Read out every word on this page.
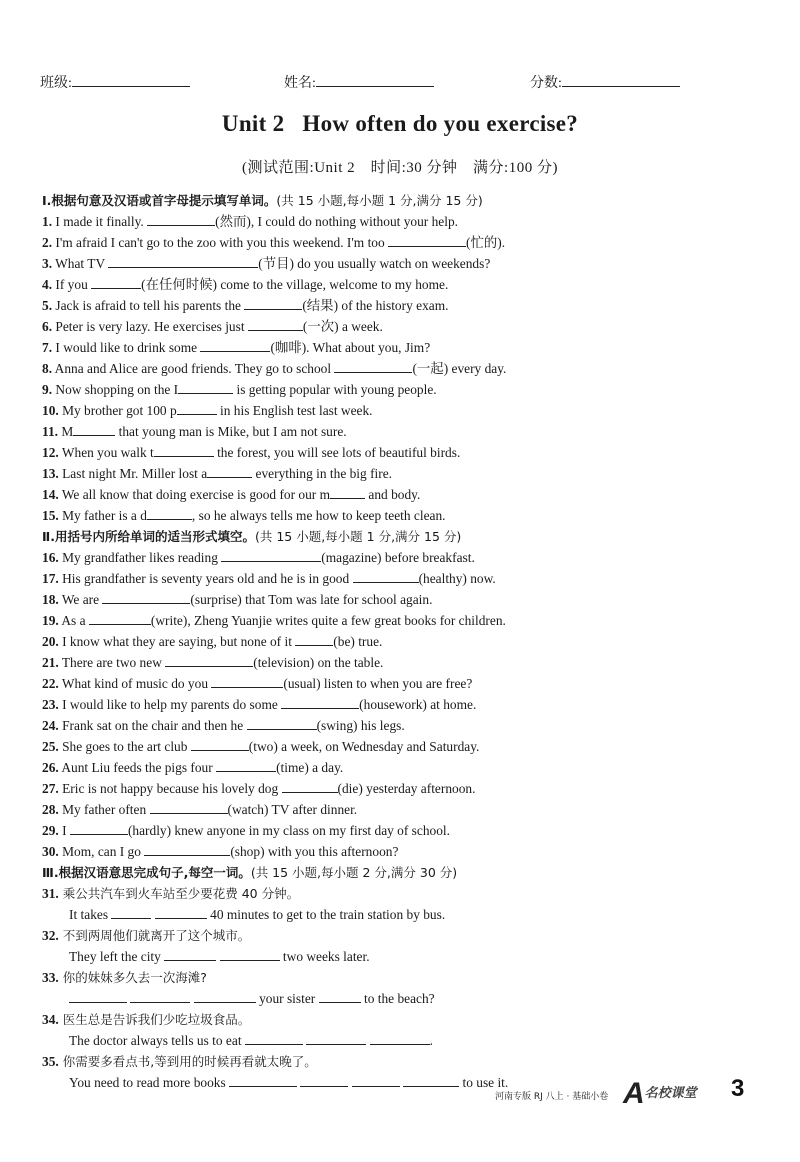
班级:	姓名:	分数:
Unit 2 How often do you exercise?
(测试范围:Unit 2　时间:30 分钟　满分:100 分)
Ⅰ.根据句意及汉语或首字母提示填写单词。(共 15 小题,每小题 1 分,满分 15 分)
1. I made it finally.	(然而), I could do nothing without your help.
2. I'm afraid I can't go to the zoo with you this weekend. I'm too	(忙的).
3. What TV	(节目) do you usually watch on weekends?
4. If you	(在任何时候) come to the village, welcome to my home.
5. Jack is afraid to tell his parents the	(结果) of the history exam.
6. Peter is very lazy. He exercises just	(一次) a week.
7. I would like to drink some	(咖啡). What about you, Jim?
8. Anna and Alice are good friends. They go to school	(一起) every day.
9. Now shopping on the I	is getting popular with young people.
10. My brother got 100 p	in his English test last week.
11. M	that young man is Mike, but I am not sure.
12. When you walk t	the forest, you will see lots of beautiful birds.
13. Last night Mr. Miller lost a	everything in the big fire.
14. We all know that doing exercise is good for our m	and body.
15. My father is a d	, so he always tells me how to keep teeth clean.
Ⅱ.用括号内所给单词的适当形式填空。(共 15 小题,每小题 1 分,满分 15 分)
16. My grandfather likes reading	(magazine) before breakfast.
17. His grandfather is seventy years old and he is in good	(healthy) now.
18. We are	(surprise) that Tom was late for school again.
19. As a	(write), Zheng Yuanjie writes quite a few great books for children.
20. I know what they are saying, but none of it	(be) true.
21. There are two new	(television) on the table.
22. What kind of music do you	(usual) listen to when you are free?
23. I would like to help my parents do some	(housework) at home.
24. Frank sat on the chair and then he	(swing) his legs.
25. She goes to the art club	(two) a week, on Wednesday and Saturday.
26. Aunt Liu feeds the pigs four	(time) a day.
27. Eric is not happy because his lovely dog	(die) yesterday afternoon.
28. My father often	(watch) TV after dinner.
29. I	(hardly) knew anyone in my class on my first day of school.
30. Mom, can I go	(shop) with you this afternoon?
Ⅲ.根据汉语意思完成句子,每空一词。(共 15 小题,每小题 2 分,满分 30 分)
31. 乘公共汽车到火车站至少要花费 40 分钟。
It takes	40 minutes to get to the train station by bus.
32. 不到两周他们就离开了这个城市。
They left the city	two weeks later.
33. 你的妹妹多久去一次海滩?
your sister	to the beach?
34. 医生总是告诉我们少吃垃圾食品。
The doctor always tells us to eat	.
35. 你需要多看点书,等到用的时候再看就太晚了。
You need to read more books	to use it.
河南专版 RJ 八上 · 基础小卷 $A^{名校课堂}$ 3
